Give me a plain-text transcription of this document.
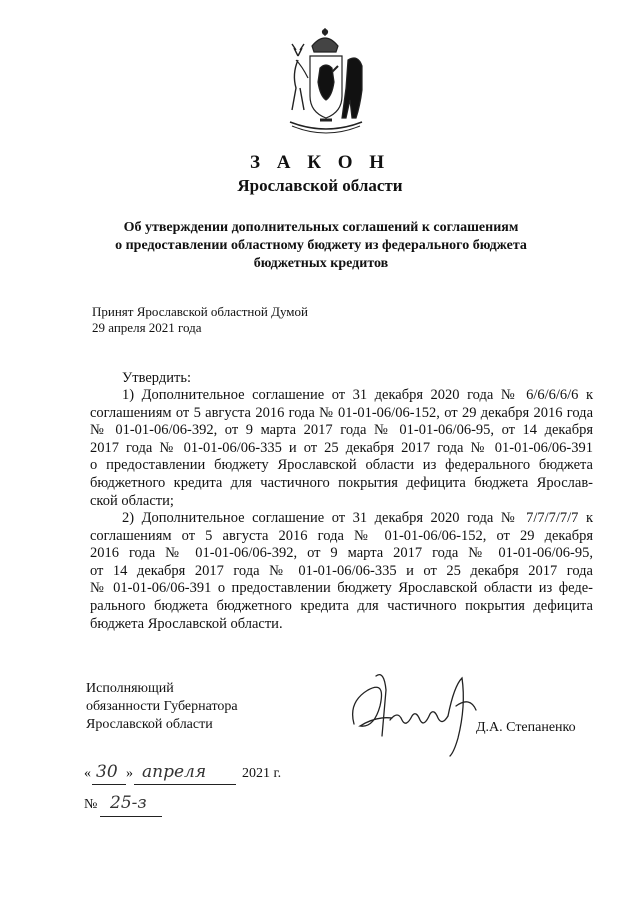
З А К О Н
Ярославской области
Об утверждении дополнительных соглашений к соглашениям
о предоставлении областному бюджету из федерального бюджета
бюджетных кредитов
Принят Ярославской областной Думой
29 апреля 2021 года
Утвердить:
1) Дополнительное соглашение от 31 декабря 2020 года № 6/6/6/6/6 к
соглашениям от 5 августа 2016 года № 01-01-06/06-152, от 29 декабря 2016 года
№ 01-01-06/06-392, от 9 марта 2017 года № 01-01-06/06-95, от 14 декабря
2017 года № 01-01-06/06-335 и от 25 декабря 2017 года № 01-01-06/06-391
о предоставлении бюджету Ярославской области из федерального бюджета
бюджетного кредита для частичного покрытия дефицита бюджета Ярослав-
ской области;
2) Дополнительное соглашение от 31 декабря 2020 года № 7/7/7/7/7 к
соглашениям от 5 августа 2016 года № 01-01-06/06-152, от 29 декабря
2016 года № 01-01-06/06-392, от 9 марта 2017 года № 01-01-06/06-95,
от 14 декабря 2017 года № 01-01-06/06-335 и от 25 декабря 2017 года
№ 01-01-06/06-391 о предоставлении бюджету Ярославской области из феде-
рального бюджета бюджетного кредита для частичного покрытия дефицита
бюджета Ярославской области.
Исполняющий
обязанности Губернатора
Ярославской области	Д.А. Степаненко
« 30 » апреля	2021 г.
№ 25-з
